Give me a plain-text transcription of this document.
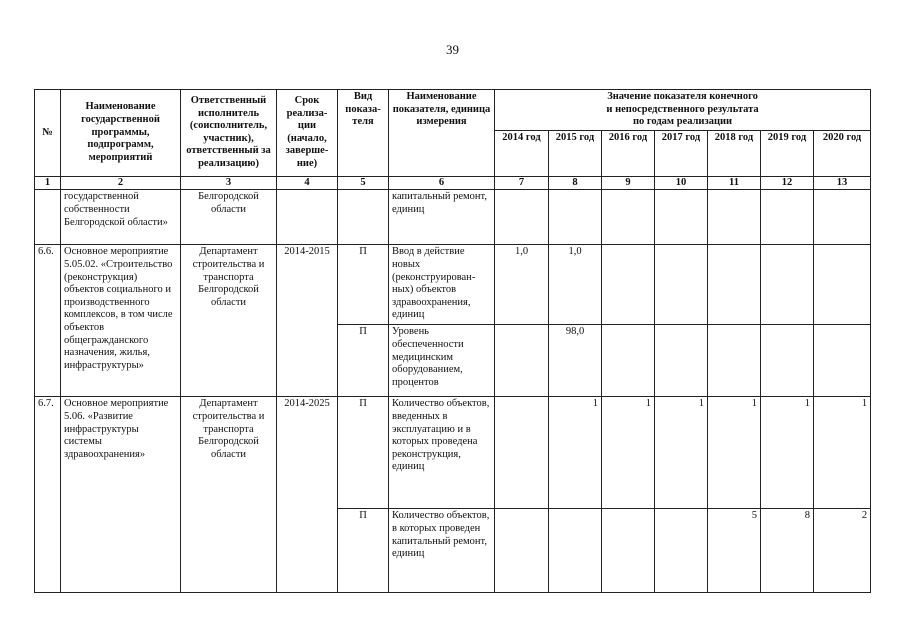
39
№	Наименование государственной программы, подпрограмм, мероприятий	Ответственный исполнитель (соисполнитель, участник), ответственный за реализацию)	Срок реализации (начало, завершение)	Вид показателя	Наименование показателя, единица измерения	Значение показателя конечного
и непосредственного результата
по годам реализации						

						2014 год	2015 год	2016 год	2017 год	2018 год	2019 год	2020 год
1	2	3	4	5	6	7	8	9	10	11	12	13
	государственной собственности Белгородской области»	Белгородской области			капитальный ремонт, единиц							
6.6.	Основное мероприятие 5.05.02. «Строительство (реконструкция) объектов социального и производственного комплексов, в том числе объектов общегражданского назначения, жилья, инфраструктуры»	Департамент строительства и транспорта Белгородской области	2014-2015	П	Ввод в действие новых (реконструированных) объектов здравоохранения, единиц	1,0	1,0					
				П	Уровень обеспеченности медицинским оборудованием, процентов		98,0					
6.7.	Основное мероприятие 5.06. «Развитие инфраструктуры системы здравоохранения»	Департамент строительства и транспорта Белгородской области	2014-2025	П	Количество объектов, введенных в эксплуатацию и в которых проведена реконструкция, единиц		1	1	1	1	1	1
				П	Количество объектов, в которых проведен капитальный ремонт, единиц					5	8	2
